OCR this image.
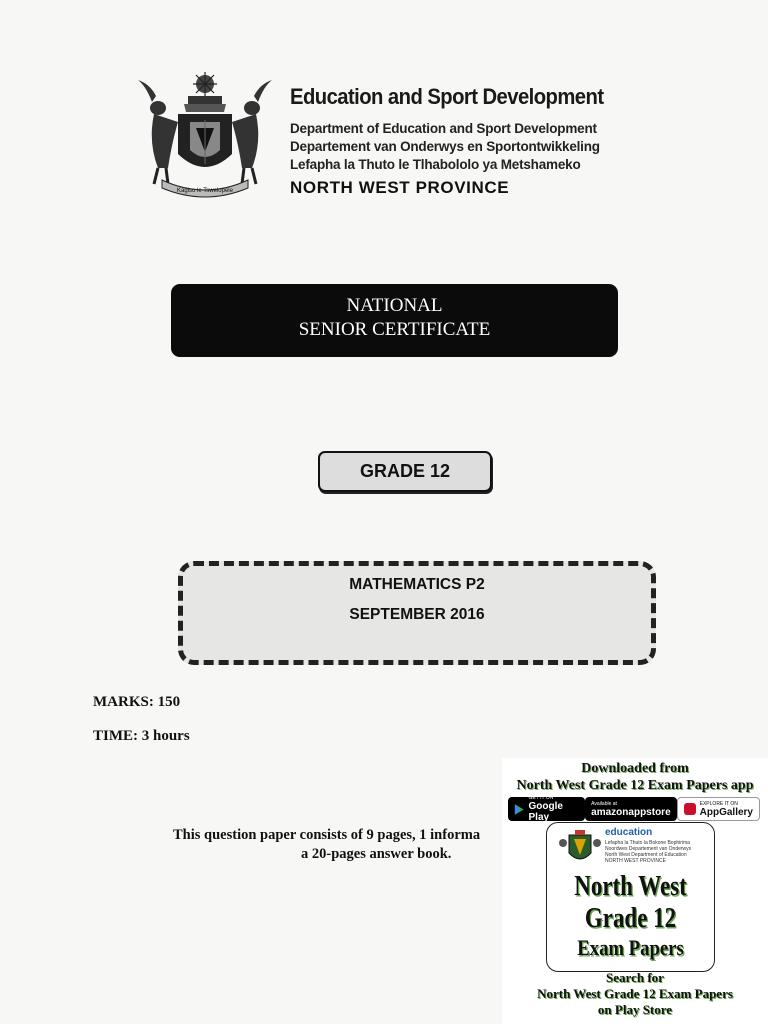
Kagiso le Tswelopele
Education and Sport Development
Department of Education and Sport Development
Departement van Onderwys en Sportontwikkeling
Lefapha la Thuto le Tlhabololo ya Metshameko
NORTH WEST PROVINCE
NATIONAL
SENIOR CERTIFICATE
GRADE 12
MATHEMATICS P2
SEPTEMBER 2016
MARKS: 150
TIME: 3 hours
This question paper consists of 9 pages, 1 informa
a 20-pages answer book.
Downloaded from
North West Grade 12 Exam Papers app
GET IT ON
Google Play
Available at
amazonappstore
EXPLORE IT ON
AppGallery
education
Lefapha la Thuto la Bokone Bophirima
Noordwes Departement van Onderwys
North West Department of Education
NORTH WEST PROVINCE
North West
Grade 12
Exam Papers
Search for
North West Grade 12 Exam Papers
on Play Store
